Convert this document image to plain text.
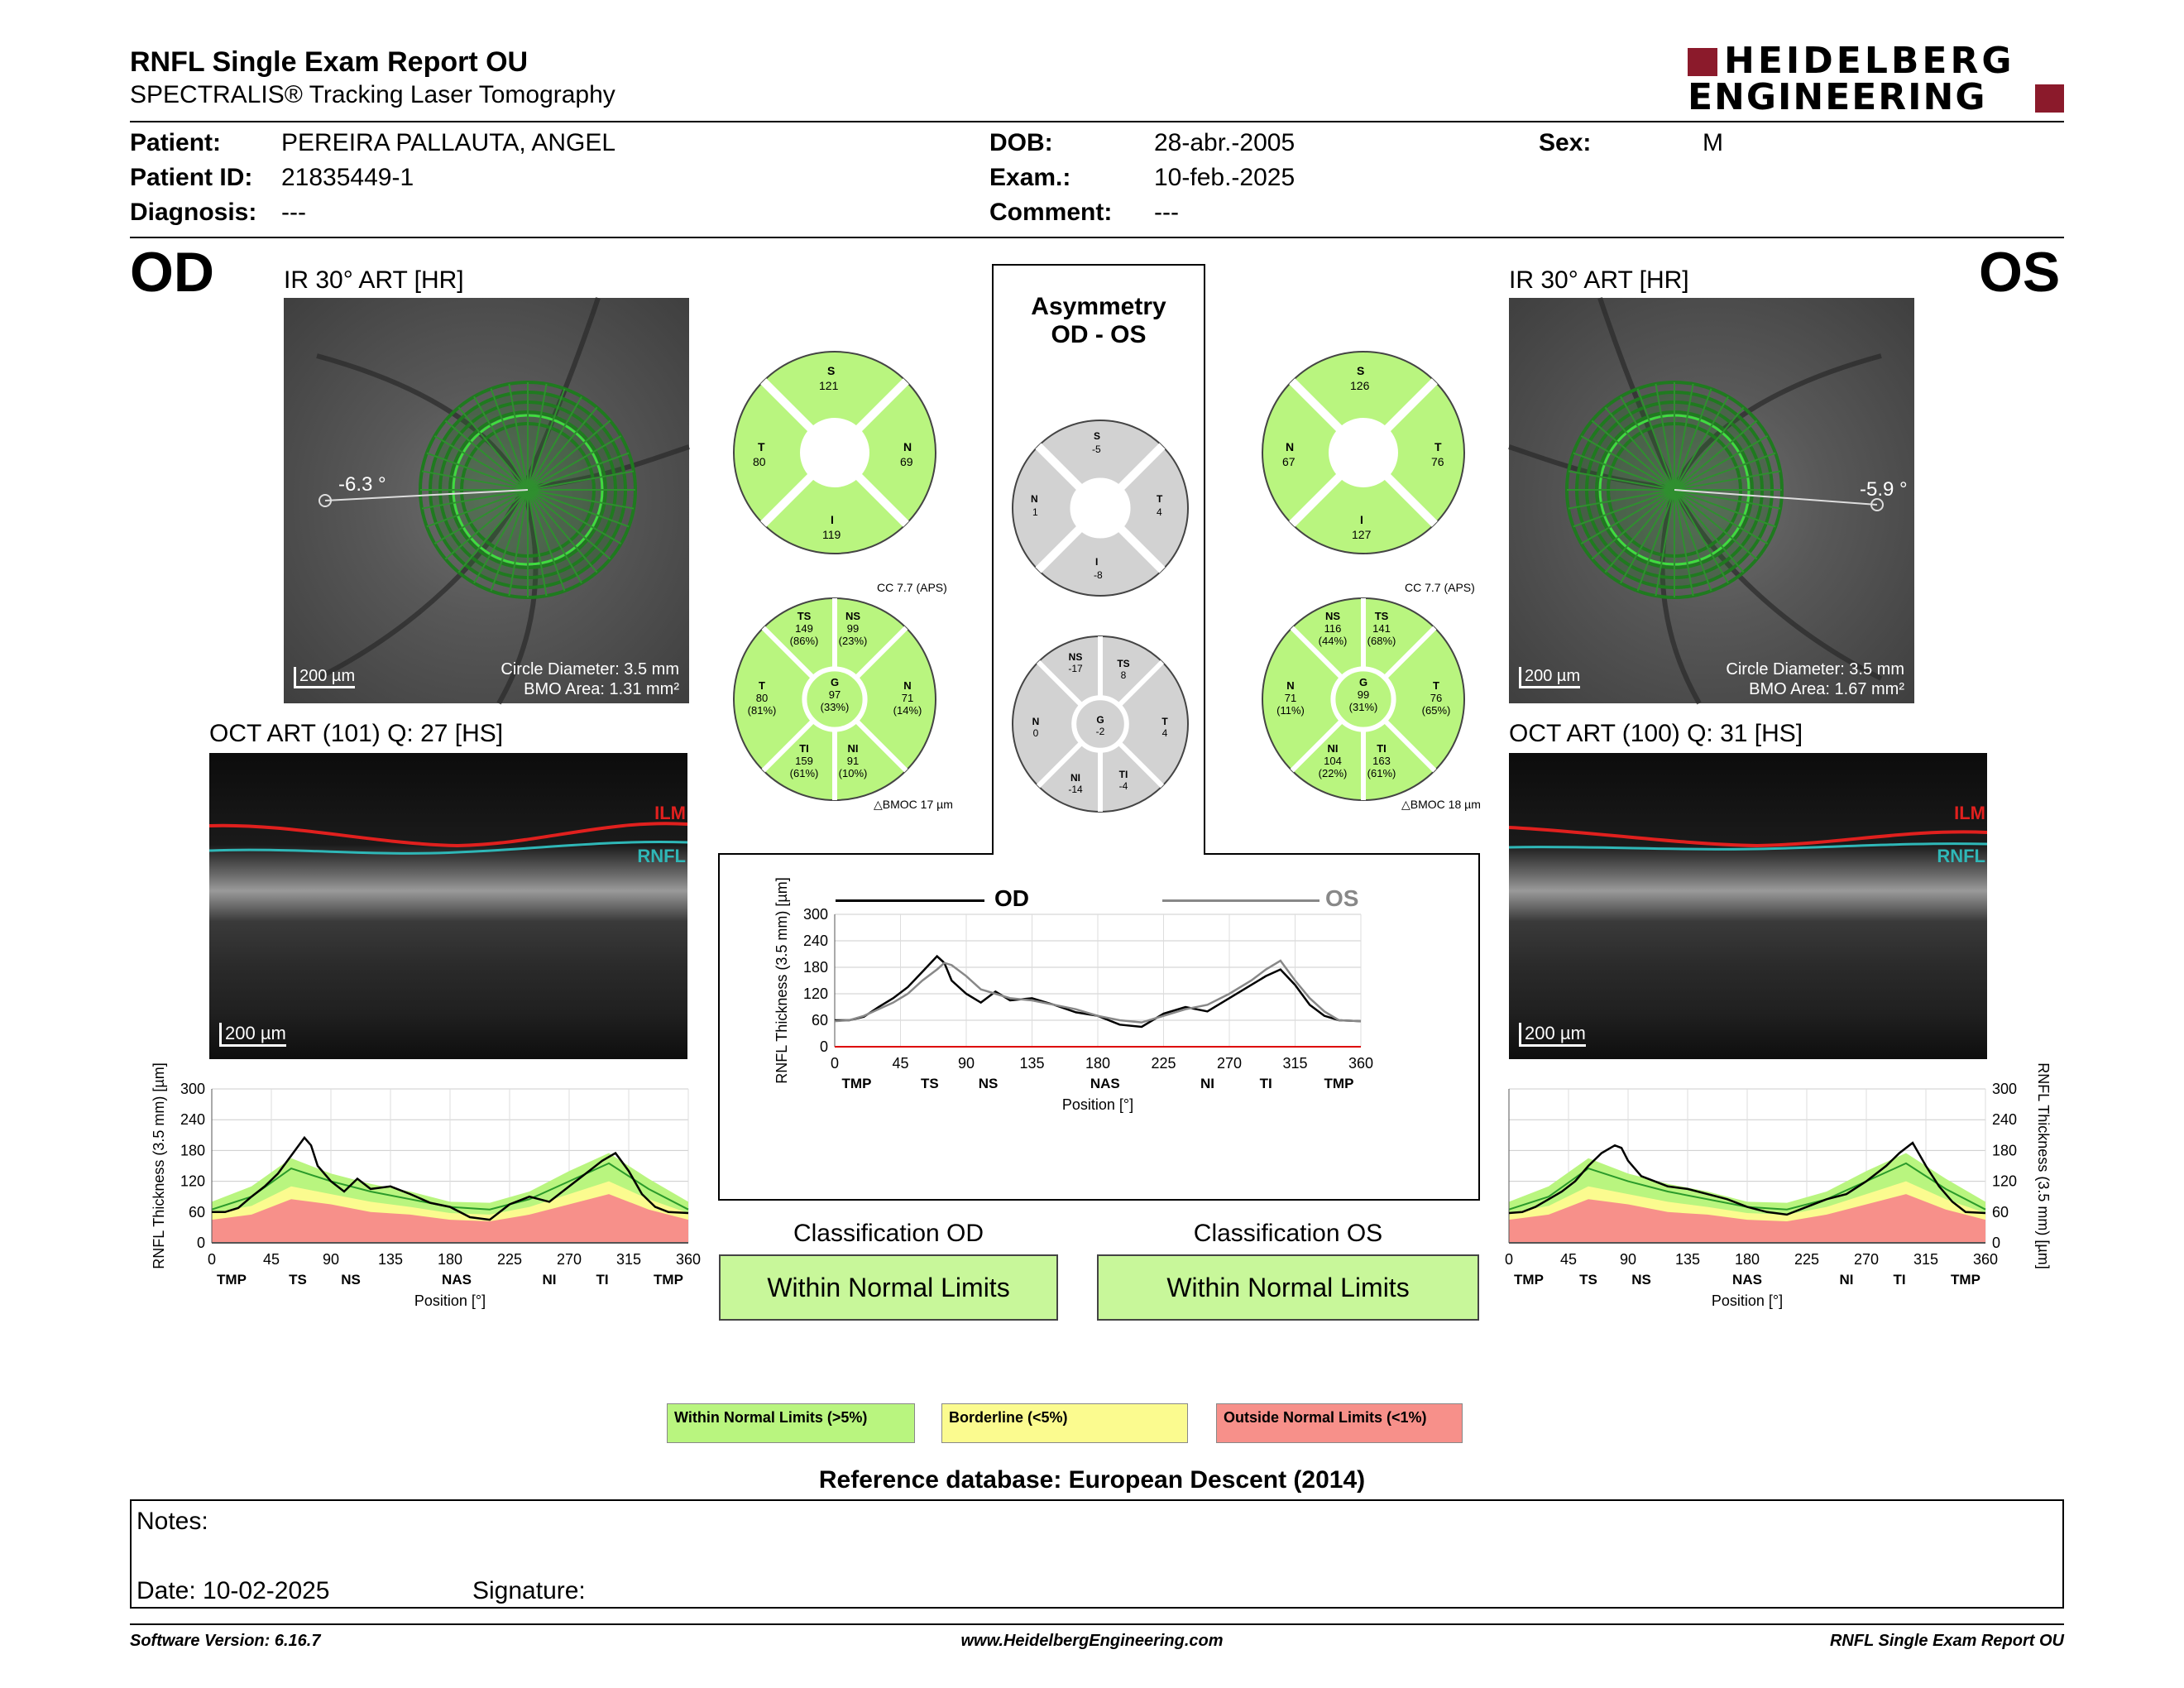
RNFL Single Exam Report OU
SPECTRALIS® Tracking Laser Tomography
HEIDELBERG
ENGINEERING
Patient: PEREIRA PALLAUTA, ANGEL
Patient ID: 21835449-1
Diagnosis: ---
DOB:	28-abr.-2005
Exam.:	10-feb.-2025
Comment: ---
Sex:	M
OD	OS
IR 30° ART [HR]
-6.3 °
200 µm	Circle Diameter: 3.5 mm
BMO Area: 1.31 mm²
IR 30° ART [HR]
-5.9 °
200 µm	Circle Diameter: 3.5 mm
BMO Area: 1.67 mm²
OCT ART (101) Q: 27 [HS]
ILM
RNFL
200 µm
OCT ART (100) Q: 31 [HS]
ILM
RNFL
200 µm
Asymmetry
OD - OS
S
121
T
80
N
69
I
119
S
126
N
67
T
76
I
127
S
-5
N
1
T
4
I
-8
CC 7.7 (APS)	CC 7.7 (APS)
△BMOC 17 µm	△BMOC 18 µm
TS
149
(86%)
NS
99
(23%)
T
80
(81%)
G
97
(33%)
N
71
(14%)
TI
159
(61%)
NI
91
(10%)
NS
116
(44%)
TS
141
(68%)
N
71
(11%)
G
99
(31%)
T
76
(65%)
NI
104
(22%)
TI
163
(61%)
NS
-17	TS
8
N
0
G
-2
T
4
NI
-14
TI
-4
0
60
120
180
240
300
0	45	90	135 180 225 270 315 360
TMP	TS NS	NAS	NI	TI	TMP
Position [°]
RNFL Thickness (3.5 mm) [µm]	0
60
120
180
240
300
0	45	90	135 180 225 270 315 360
TMP	TS NS	NAS	NI	TI	TMP
Position [°]
RNFL Thickness (3.5 mm) [µm]
0
60
120
180
240
300
0	45	90	135	180	225	270	315	360
TMP	TS	NS	NAS	NI	TI	TMP
Position [°]
RNFL Thickness (3.5 mm) [µm]	OD	OS
Classification OD
Within Normal Limits
Classification OS
Within Normal Limits
Within Normal Limits (>5%)	Borderline (<5%)	Outside Normal Limits (<1%)
Reference database: European Descent (2014)
Notes:
Date: 10-02-2025	Signature:
Software Version: 6.16.7	www.HeidelbergEngineering.com	RNFL Single Exam Report OU
